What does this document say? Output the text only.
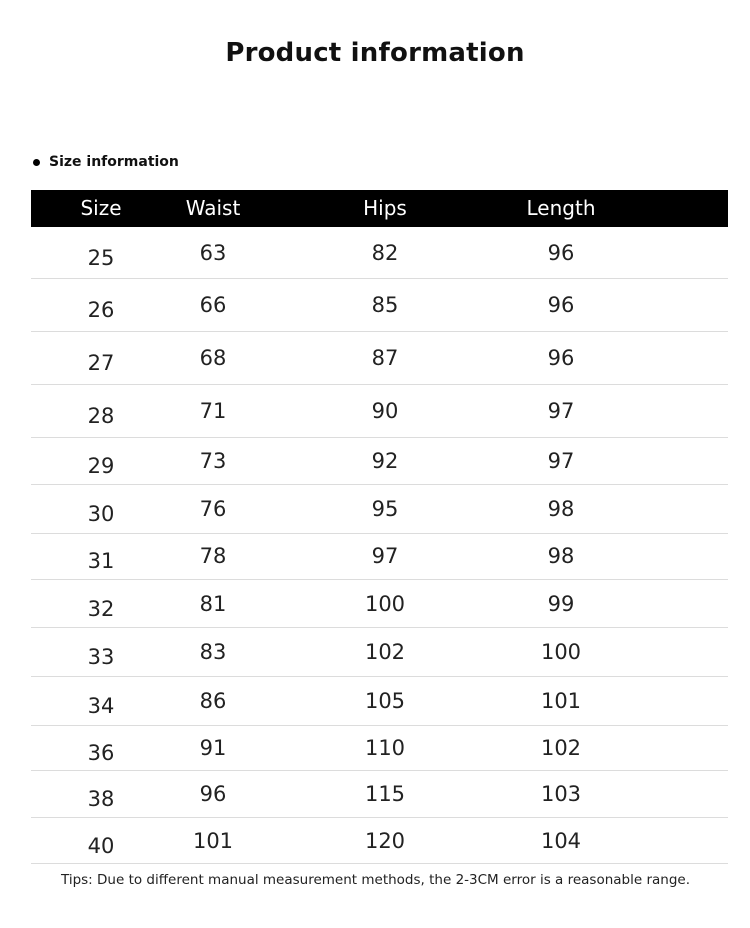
Product information
Size information
Size	Waist	Hips	Length
25	63	82	96
26	66	85	96
27	68	87	96
28	71	90	97
29	73	92	97
30	76	95	98
31	78	97	98
32	81	100	99
33	83	102	100
34	86	105	101
36	91	110	102
38	96	115	103
40	101	120	104
Tips: Due to different manual measurement methods, the 2-3CM error is a reasonable range.
